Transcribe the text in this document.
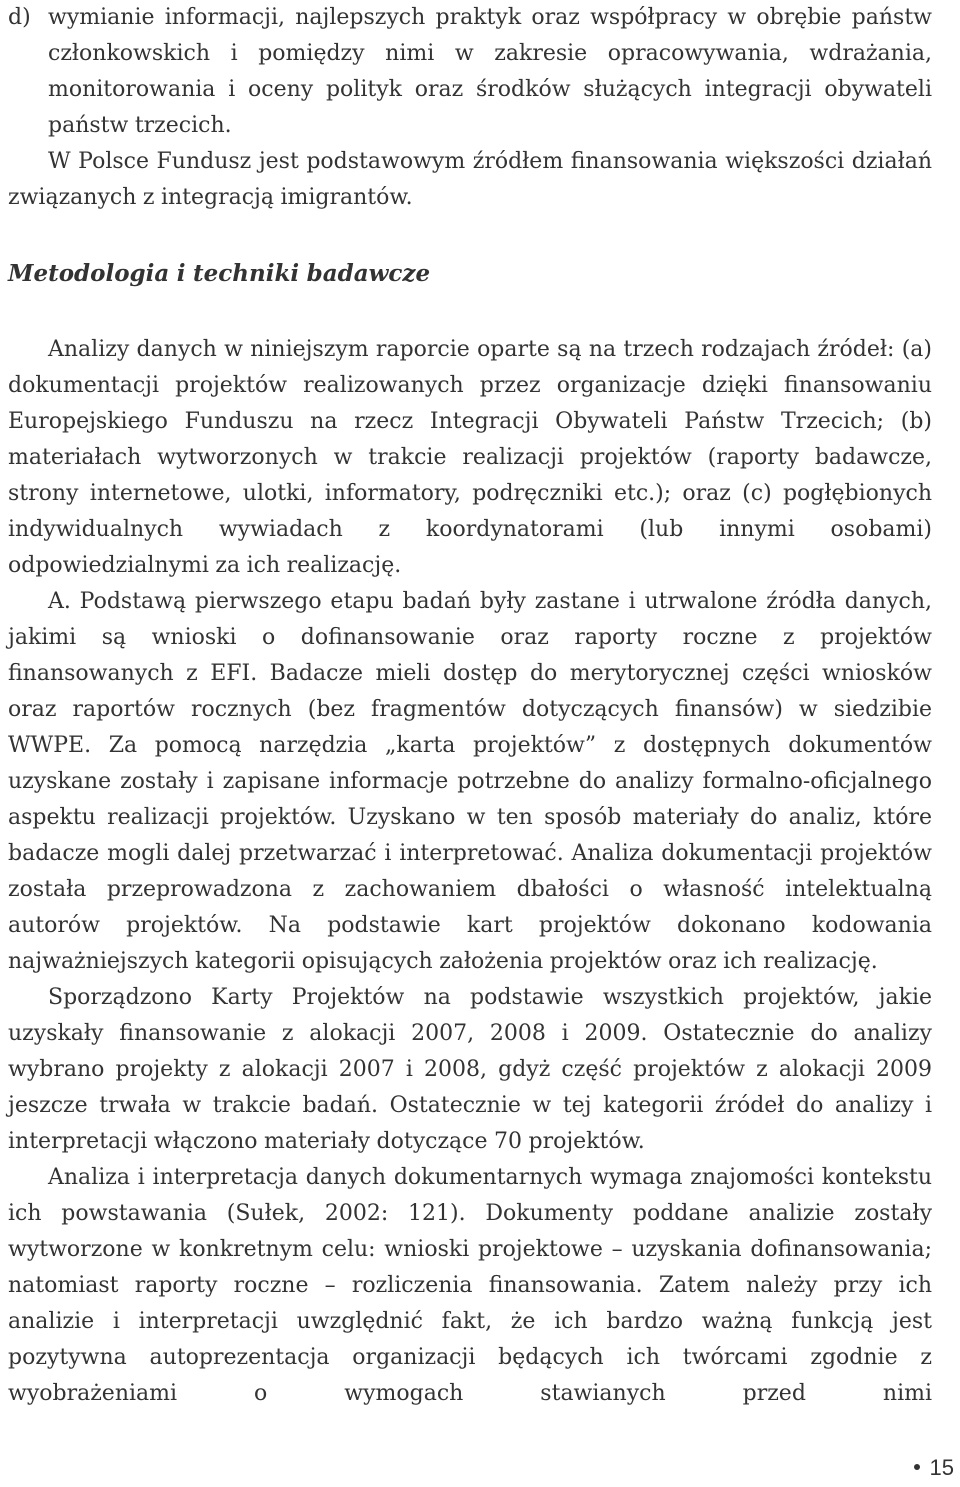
d) wymianie informacji, najlepszych praktyk oraz współpracy w obrębie państw członkowskich i pomiędzy nimi w zakresie opracowywania, wdrażania, monitorowania i oceny polityk oraz środków służących integracji obywateli państw trzecich.

W Polsce Fundusz jest podstawowym źródłem finansowania większości działań związanych z integracją imigrantów.

Metodologia i techniki badawcze

Analizy danych w niniejszym raporcie oparte są na trzech rodzajach źródeł: (a) dokumentacji projektów realizowanych przez organizacje dzięki finansowaniu Europejskiego Funduszu na rzecz Integracji Obywateli Państw Trzecich; (b) materiałach wytworzonych w trakcie realizacji projektów (raporty badawcze, strony internetowe, ulotki, informatory, podręczniki etc.); oraz (c) pogłębionych indywidualnych wywiadach z koordynatorami (lub innymi osobami) odpowiedzialnymi za ich realizację.

A. Podstawą pierwszego etapu badań były zastane i utrwalone źródła danych, jakimi są wnioski o dofinansowanie oraz raporty roczne z projektów finansowanych z EFI. Badacze mieli dostęp do merytorycznej części wniosków oraz raportów rocznych (bez fragmentów dotyczących finansów) w siedzibie WWPE. Za pomocą narzędzia „karta projektów” z dostępnych dokumentów uzyskane zostały i zapisane informacje potrzebne do analizy formalno-oficjalnego aspektu realizacji projektów. Uzyskano w ten sposób materiały do analiz, które badacze mogli dalej przetwarzać i interpretować. Analiza dokumentacji projektów została przeprowadzona z zachowaniem dbałości o własność intelektualną autorów projektów. Na podstawie kart projektów dokonano kodowania najważniejszych kategorii opisujących założenia projektów oraz ich realizację.

Sporządzono Karty Projektów na podstawie wszystkich projektów, jakie uzyskały finansowanie z alokacji 2007, 2008 i 2009. Ostatecznie do analizy wybrano projekty z alokacji 2007 i 2008, gdyż część projektów z alokacji 2009 jeszcze trwała w trakcie badań. Ostatecznie w tej kategorii źródeł do analizy i interpretacji włączono materiały dotyczące 70 projektów.

Analiza i interpretacja danych dokumentarnych wymaga znajomości kontekstu ich powstawania (Sułek, 2002: 121). Dokumenty poddane analizie zostały wytworzone w konkretnym celu: wnioski projektowe – uzyskania dofinansowania; natomiast raporty roczne – rozliczenia finansowania. Zatem należy przy ich analizie i interpretacji uwzględnić fakt, że ich bardzo ważną funkcją jest pozytywna autoprezentacja organizacji będących ich twórcami zgodnie z wyobrażeniami o wymogach stawianych przed nimi

15
